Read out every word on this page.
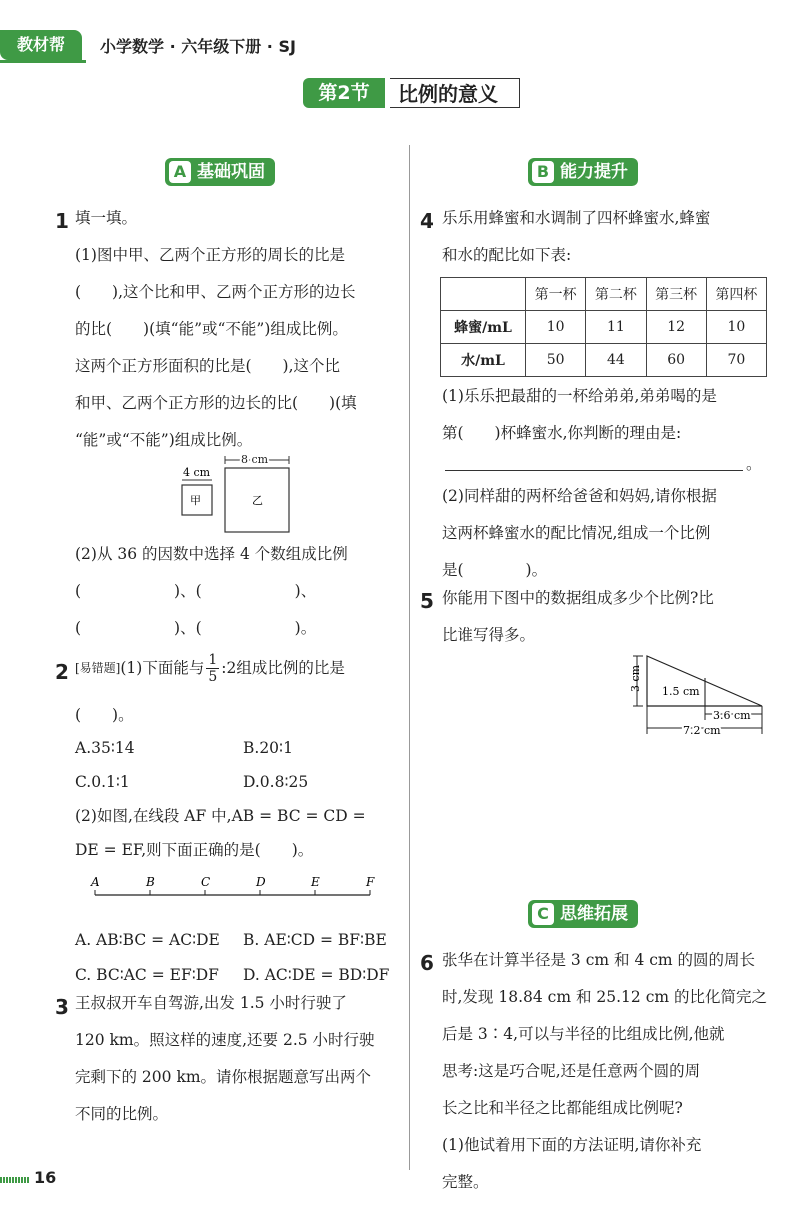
教材帮	小学数学 · 六年级下册 · SJ
第2节	比例的意义
A 基础巩固	B 能力提升
C 思维拓展
1 填一填。
(1)图中甲、乙两个正方形的周长的比是
(　　),这个比和甲、乙两个正方形的边长
的比(　　)(填“能”或“不能”)组成比例。
这两个正方形面积的比是(　　),这个比
和甲、乙两个正方形的边长的比(　　)(填
“能”或“不能”)组成比例。
4 cm
8 cm
甲	乙
(2)从 36 的因数中选择 4 个数组成比例
(　　　　　　)、(　　　　　　)、
(　　　　　　)、(　　　　　　)。
2 [易错题] (1)下面能与 $\frac{1}{5}$ :2组成比例的比是
(　　)。
A.35∶14	B.20∶1
C.0.1∶1	D.0.8∶25
(2)如图,在线段 AF 中,AB = BC = CD =
DE = EF,则下面正确的是(　　)。
A	B	C	D	E	F
A. AB∶BC = AC∶DE B. AE∶CD = BF∶BE
C. BC∶AC = EF∶DF D. AC∶DE = BD∶DF
3 王叔叔开车自驾游,出发 1.5 小时行驶了
120 km。照这样的速度,还要 2.5 小时行驶
完剩下的 200 km。请你根据题意写出两个
不同的比例。
4 乐乐用蜂蜜和水调制了四杯蜂蜜水,蜂蜜
和水的配比如下表:
	第一杯	第二杯	第三杯	第四杯
蜂蜜/mL	10	11	12	10
水/mL	50	44	60	70
(1)乐乐把最甜的一杯给弟弟,弟弟喝的是
第(　　)杯蜂蜜水,你判断的理由是:
。
(2)同样甜的两杯给爸爸和妈妈,请你根据
这两杯蜂蜜水的配比情况,组成一个比例
是(　　　　)。
5 你能用下图中的数据组成多少个比例?比
比谁写得多。
3 cm 1.5 cm
3.6 cm
7.2 cm
6 张华在计算半径是 3 cm 和 4 cm 的圆的周长
时,发现 18.84 cm 和 25.12 cm 的比化简完之
后是 3∶4,可以与半径的比组成比例,他就
思考:这是巧合呢,还是任意两个圆的周
长之比和半径之比都能组成比例呢?
(1)他试着用下面的方法证明,请你补充
完整。
16
